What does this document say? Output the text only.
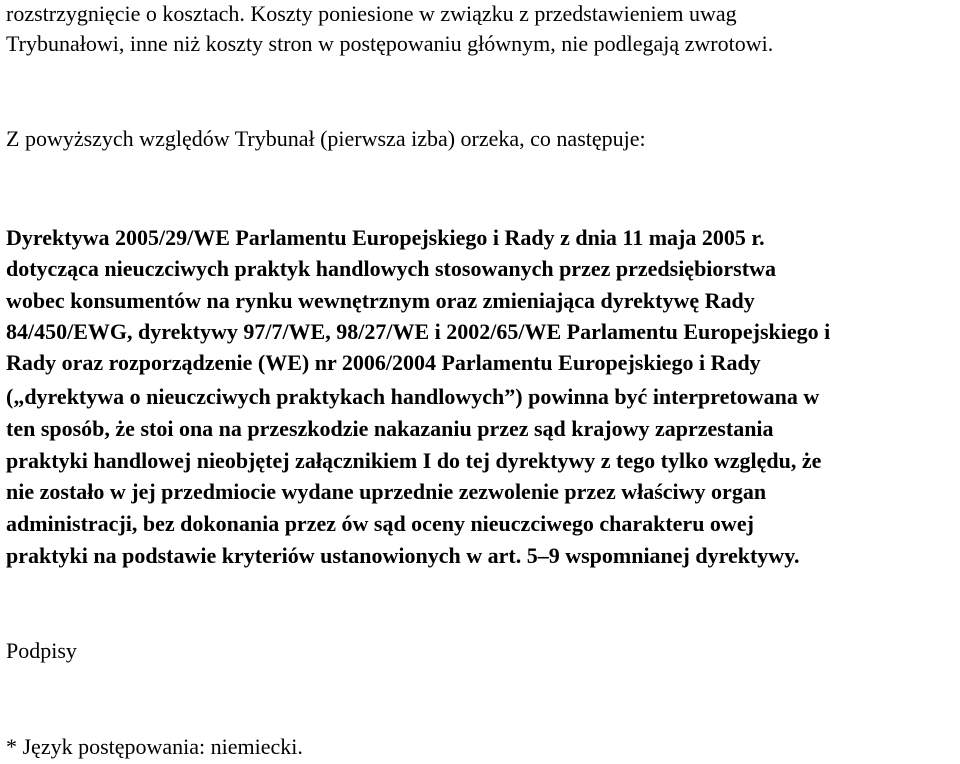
rozstrzygnięcie o kosztach. Koszty poniesione w związku z przedstawieniem uwag
Trybunałowi, inne niż koszty stron w postępowaniu głównym, nie podlegają zwrotowi.
Z powyższych względów Trybunał (pierwsza izba) orzeka, co następuje:
Dyrektywa 2005/29/WE Parlamentu Europejskiego i Rady z dnia 11 maja 2005 r.
dotycząca nieuczciwych praktyk handlowych stosowanych przez przedsiębiorstwa
wobec konsumentów na rynku wewnętrznym oraz zmieniająca dyrektywę Rady
84/450/EWG, dyrektywy 97/7/WE, 98/27/WE i 2002/65/WE Parlamentu Europejskiego i
Rady oraz rozporządzenie (WE) nr 2006/2004 Parlamentu Europejskiego i Rady
(„dyrektywa o nieuczciwych praktykach handlowych”) powinna być interpretowana w
ten sposób, że stoi ona na przeszkodzie nakazaniu przez sąd krajowy zaprzestania
praktyki handlowej nieobjętej załącznikiem I do tej dyrektywy z tego tylko względu, że
nie zostało w jej przedmiocie wydane uprzednie zezwolenie przez właściwy organ
administracji, bez dokonania przez ów sąd oceny nieuczciwego charakteru owej
praktyki na podstawie kryteriów ustanowionych w art. 5–9 wspomnianej dyrektywy.
Podpisy
* Język postępowania: niemiecki.
